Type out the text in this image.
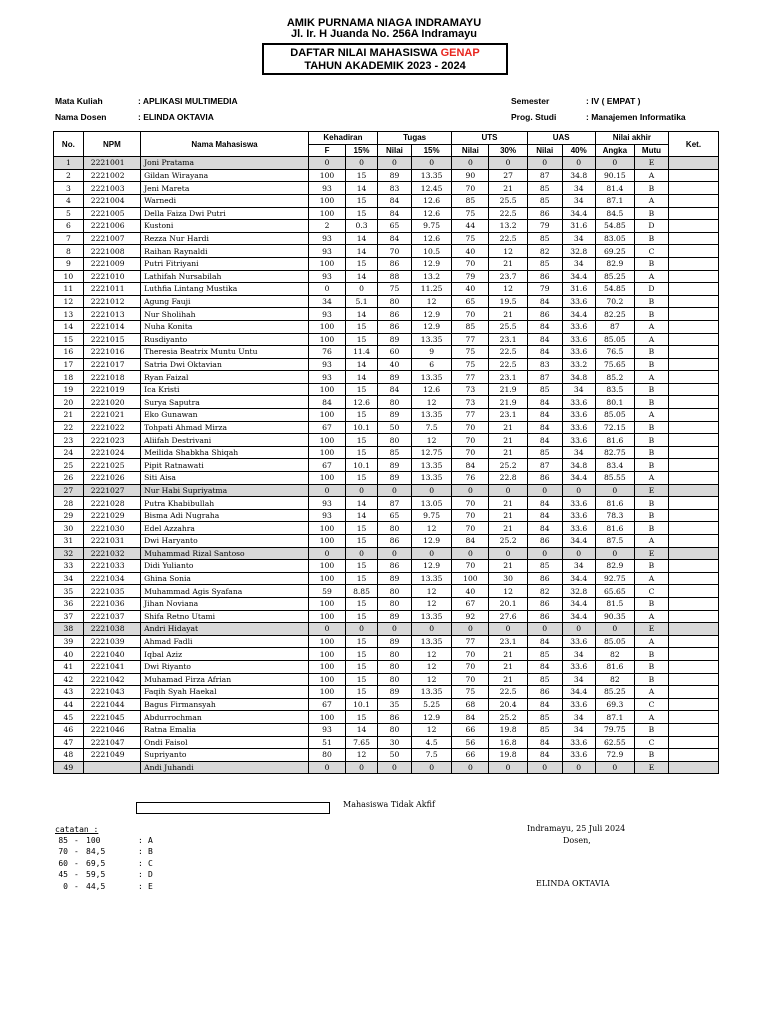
AMIK PURNAMA NIAGA INDRAMAYU
Jl. Ir. H Juanda No. 256A Indramayu
DAFTAR NILAI MAHASISWA GENAP
TAHUN AKADEMIK 2023 - 2024
Mata Kuliah	: APLIKASI MULTIMEDIA
Nama Dosen	: ELINDA OKTAVIA
Semester	: IV ( EMPAT )
Prog. Studi	: Manajemen Informatika
No.	NPM	Nama Mahasiswa	Kehadiran		Tugas		UTS		UAS		Nilai akhir		Ket.
			F	15%	Nilai	15%	Nilai	30%	Nilai	40%	Angka	Mutu	
1	2221001	Joni Pratama	0	0	0	0	0	0	0	0	0	E	
2	2221002	Gildan Wirayana	100	15	89	13.35	90	27	87	34.8	90.15	A	
3	2221003	Jeni Mareta	93	14	83	12.45	70	21	85	34	81.4	B	
4	2221004	Warnedi	100	15	84	12.6	85	25.5	85	34	87.1	A	
5	2221005	Della Faiza Dwi Putri	100	15	84	12.6	75	22.5	86	34.4	84.5	B	
6	2221006	Kustoni	2	0.3	65	9.75	44	13.2	79	31.6	54.85	D	
7	2221007	Rezza Nur Hardi	93	14	84	12.6	75	22.5	85	34	83.05	B	
8	2221008	Raihan Raynaldi	93	14	70	10.5	40	12	82	32.8	69.25	C	
9	2221009	Putri Fitriyani	100	15	86	12.9	70	21	85	34	82.9	B	
10	2221010	Lathifah Nursabilah	93	14	88	13.2	79	23.7	86	34.4	85.25	A	
11	2221011	Luthfia Lintang Mustika	0	0	75	11.25	40	12	79	31.6	54.85	D	
12	2221012	Agung Fauji	34	5.1	80	12	65	19.5	84	33.6	70.2	B	
13	2221013	Nur Sholihah	93	14	86	12.9	70	21	86	34.4	82.25	B	
14	2221014	Nuha Konita	100	15	86	12.9	85	25.5	84	33.6	87	A	
15	2221015	Rusdiyanto	100	15	89	13.35	77	23.1	84	33.6	85.05	A	
16	2221016	Theresia Beatrix Muntu Untu	76	11.4	60	9	75	22.5	84	33.6	76.5	B	
17	2221017	Satria Dwi Oktavian	93	14	40	6	75	22.5	83	33.2	75.65	B	
18	2221018	Ryan Faizal	93	14	89	13.35	77	23.1	87	34.8	85.2	A	
19	2221019	Ica Kristi	100	15	84	12.6	73	21.9	85	34	83.5	B	
20	2221020	Surya Saputra	84	12.6	80	12	73	21.9	84	33.6	80.1	B	
21	2221021	Eko Gunawan	100	15	89	13.35	77	23.1	84	33.6	85.05	A	
22	2221022	Tohpati Ahmad Mirza	67	10.1	50	7.5	70	21	84	33.6	72.15	B	
23	2221023	Aliifah Destrivani	100	15	80	12	70	21	84	33.6	81.6	B	
24	2221024	Meilida Shabkha Shiqah	100	15	85	12.75	70	21	85	34	82.75	B	
25	2221025	Pipit Ratnawati	67	10.1	89	13.35	84	25.2	87	34.8	83.4	B	
26	2221026	Siti Aisa	100	15	89	13.35	76	22.8	86	34.4	85.55	A	
27	2221027	Nur Habi Supriyatma	0	0	0	0	0	0	0	0	0	E	
28	2221028	Putra Khabibullah	93	14	87	13.05	70	21	84	33.6	81.6	B	
29	2221029	Bisma Adi Nugraha	93	14	65	9.75	70	21	84	33.6	78.3	B	
30	2221030	Edel Azzahra	100	15	80	12	70	21	84	33.6	81.6	B	
31	2221031	Dwi Haryanto	100	15	86	12.9	84	25.2	86	34.4	87.5	A	
32	2221032	Muhammad Rizal Santoso	0	0	0	0	0	0	0	0	0	E	
33	2221033	Didi Yulianto	100	15	86	12.9	70	21	85	34	82.9	B	
34	2221034	Ghina Sonia	100	15	89	13.35	100	30	86	34.4	92.75	A	
35	2221035	Muhammad Agis Syafana	59	8.85	80	12	40	12	82	32.8	65.65	C	
36	2221036	Jihan Noviana	100	15	80	12	67	20.1	86	34.4	81.5	B	
37	2221037	Shifa Retno Utami	100	15	89	13.35	92	27.6	86	34.4	90.35	A	
38	2221038	Andri Hidayat	0	0	0	0	0	0	0	0	0	E	
39	2221039	Ahmad Fadli	100	15	89	13.35	77	23.1	84	33.6	85.05	A	
40	2221040	Iqbal Aziz	100	15	80	12	70	21	85	34	82	B	
41	2221041	Dwi Riyanto	100	15	80	12	70	21	84	33.6	81.6	B	
42	2221042	Muhamad Firza Afrian	100	15	80	12	70	21	85	34	82	B	
43	2221043	Faqih Syah Haekal	100	15	89	13.35	75	22.5	86	34.4	85.25	A	
44	2221044	Bagus Firmansyah	67	10.1	35	5.25	68	20.4	84	33.6	69.3	C	
45	2221045	Abdurrochman	100	15	86	12.9	84	25.2	85	34	87.1	A	
46	2221046	Ratna Emalia	93	14	80	12	66	19.8	85	34	79.75	B	
47	2221047	Ondi Faisol	51	7.65	30	4.5	56	16.8	84	33.6	62.55	C	
48	2221049	Supriyanto	80	12	50	7.5	66	19.8	84	33.6	72.9	B	
49		Andi Juhandi	0	0	0	0	0	0	0	0	0	E	
Mahasiswa Tidak Akfif
catatan :
85 - 100	: A
70 - 84,5	: B
60 - 69,5	: C
45 - 59,5	: D
0 - 44,5	: E
Indramayu, 25 Juli 2024
Dosen,
ELINDA OKTAVIA
